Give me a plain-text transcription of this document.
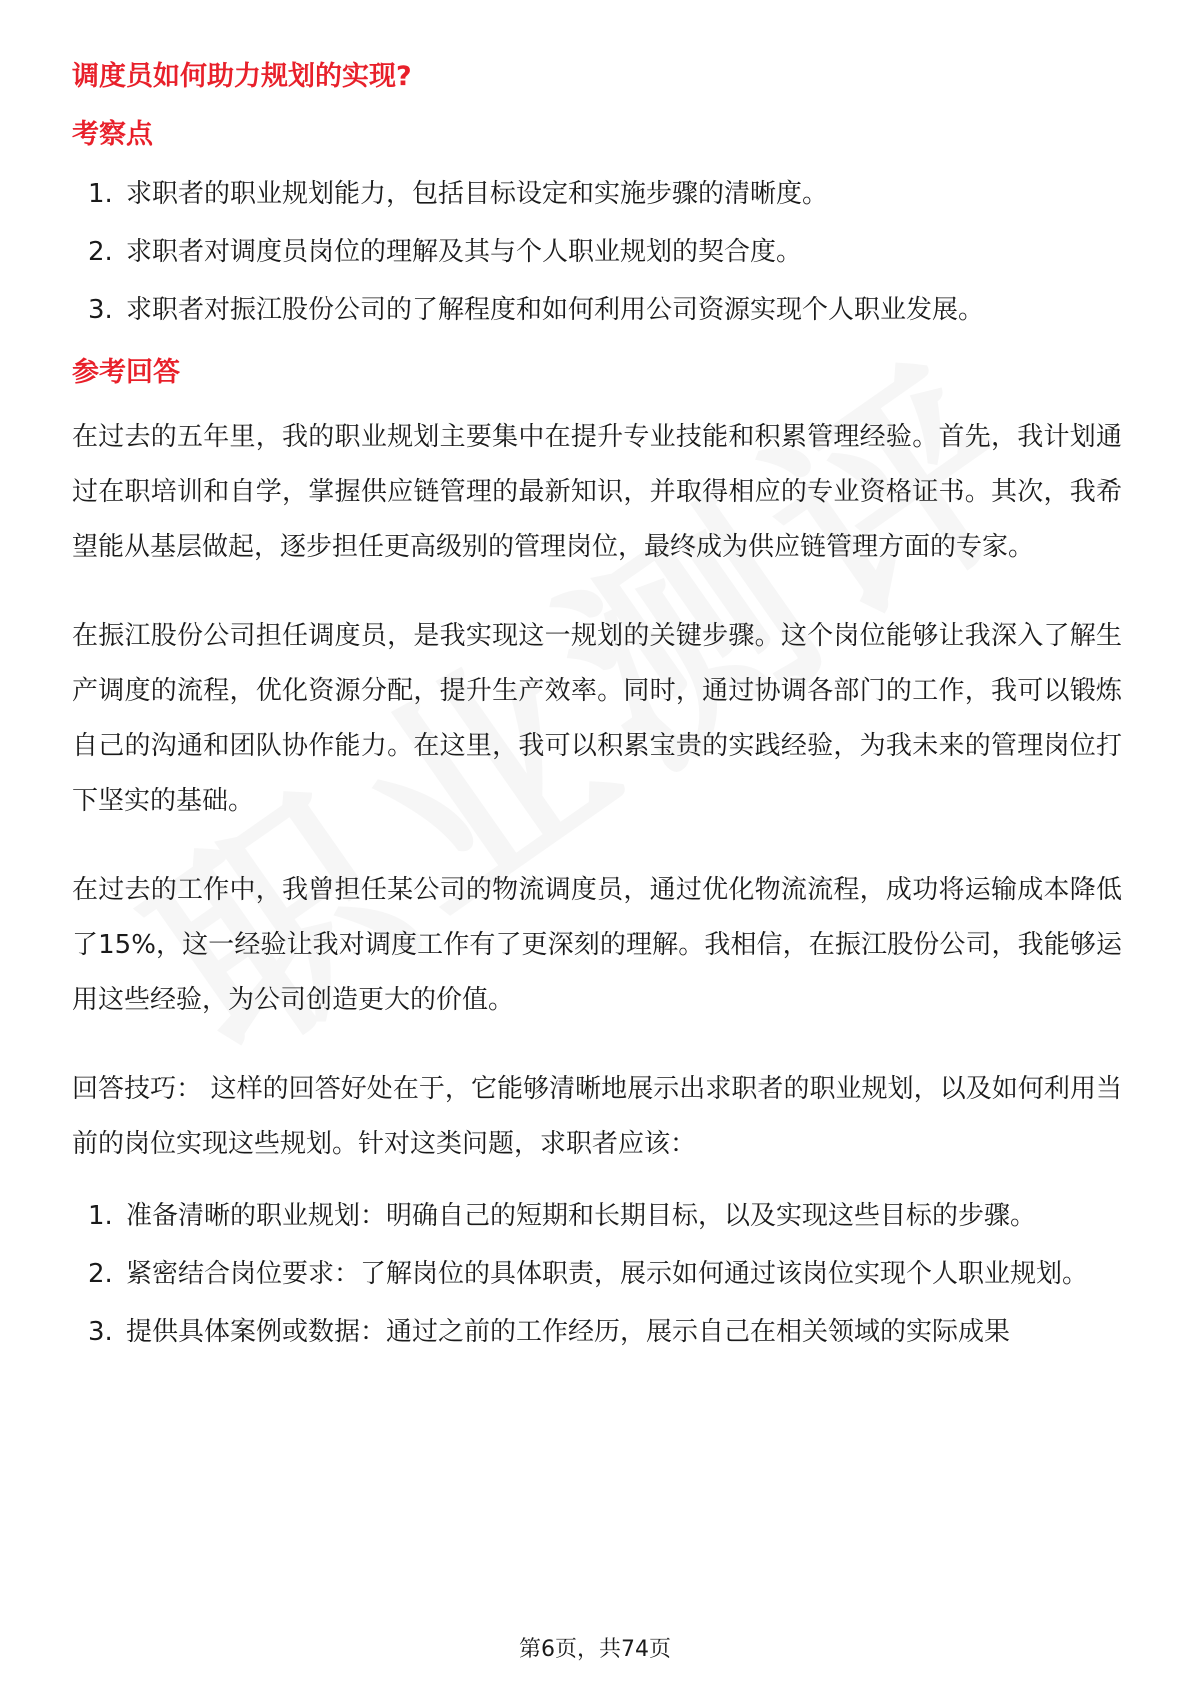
调度员如何助力规划的实现?
考察点
1. 求职者的职业规划能力，包括目标设定和实施步骤的清晰度。
2. 求职者对调度员岗位的理解及其与个人职业规划的契合度。
3. 求职者对振江股份公司的了解程度和如何利用公司资源实现个人职业发展。
参考回答

在过去的五年里，我的职业规划主要集中在提升专业技能和积累管理经验。首先，我计划通过在职培训和自学，掌握供应链管理的最新知识，并取得相应的专业资格证书。其次，我希望能从基层做起，逐步担任更高级别的管理岗位，最终成为供应链管理方面的专家。

在振江股份公司担任调度员，是我实现这一规划的关键步骤。这个岗位能够让我深入了解生产调度的流程，优化资源分配，提升生产效率。同时，通过协调各部门的工作，我可以锻炼自己的沟通和团队协作能力。在这里，我可以积累宝贵的实践经验，为我未来的管理岗位打下坚实的基础。

在过去的工作中，我曾担任某公司的物流调度员，通过优化物流流程，成功将运输成本降低了15%，这一经验让我对调度工作有了更深刻的理解。我相信，在振江股份公司，我能够运用这些经验，为公司创造更大的价值。

回答技巧： 这样的回答好处在于，它能够清晰地展示出求职者的职业规划，以及如何利用当前的岗位实现这些规划。针对这类问题，求职者应该：

1. 准备清晰的职业规划：明确自己的短期和长期目标，以及实现这些目标的步骤。
2. 紧密结合岗位要求：了解岗位的具体职责，展示如何通过该岗位实现个人职业规划。
3. 提供具体案例或数据：通过之前的工作经历，展示自己在相关领域的实际成果
第6页，共74页
